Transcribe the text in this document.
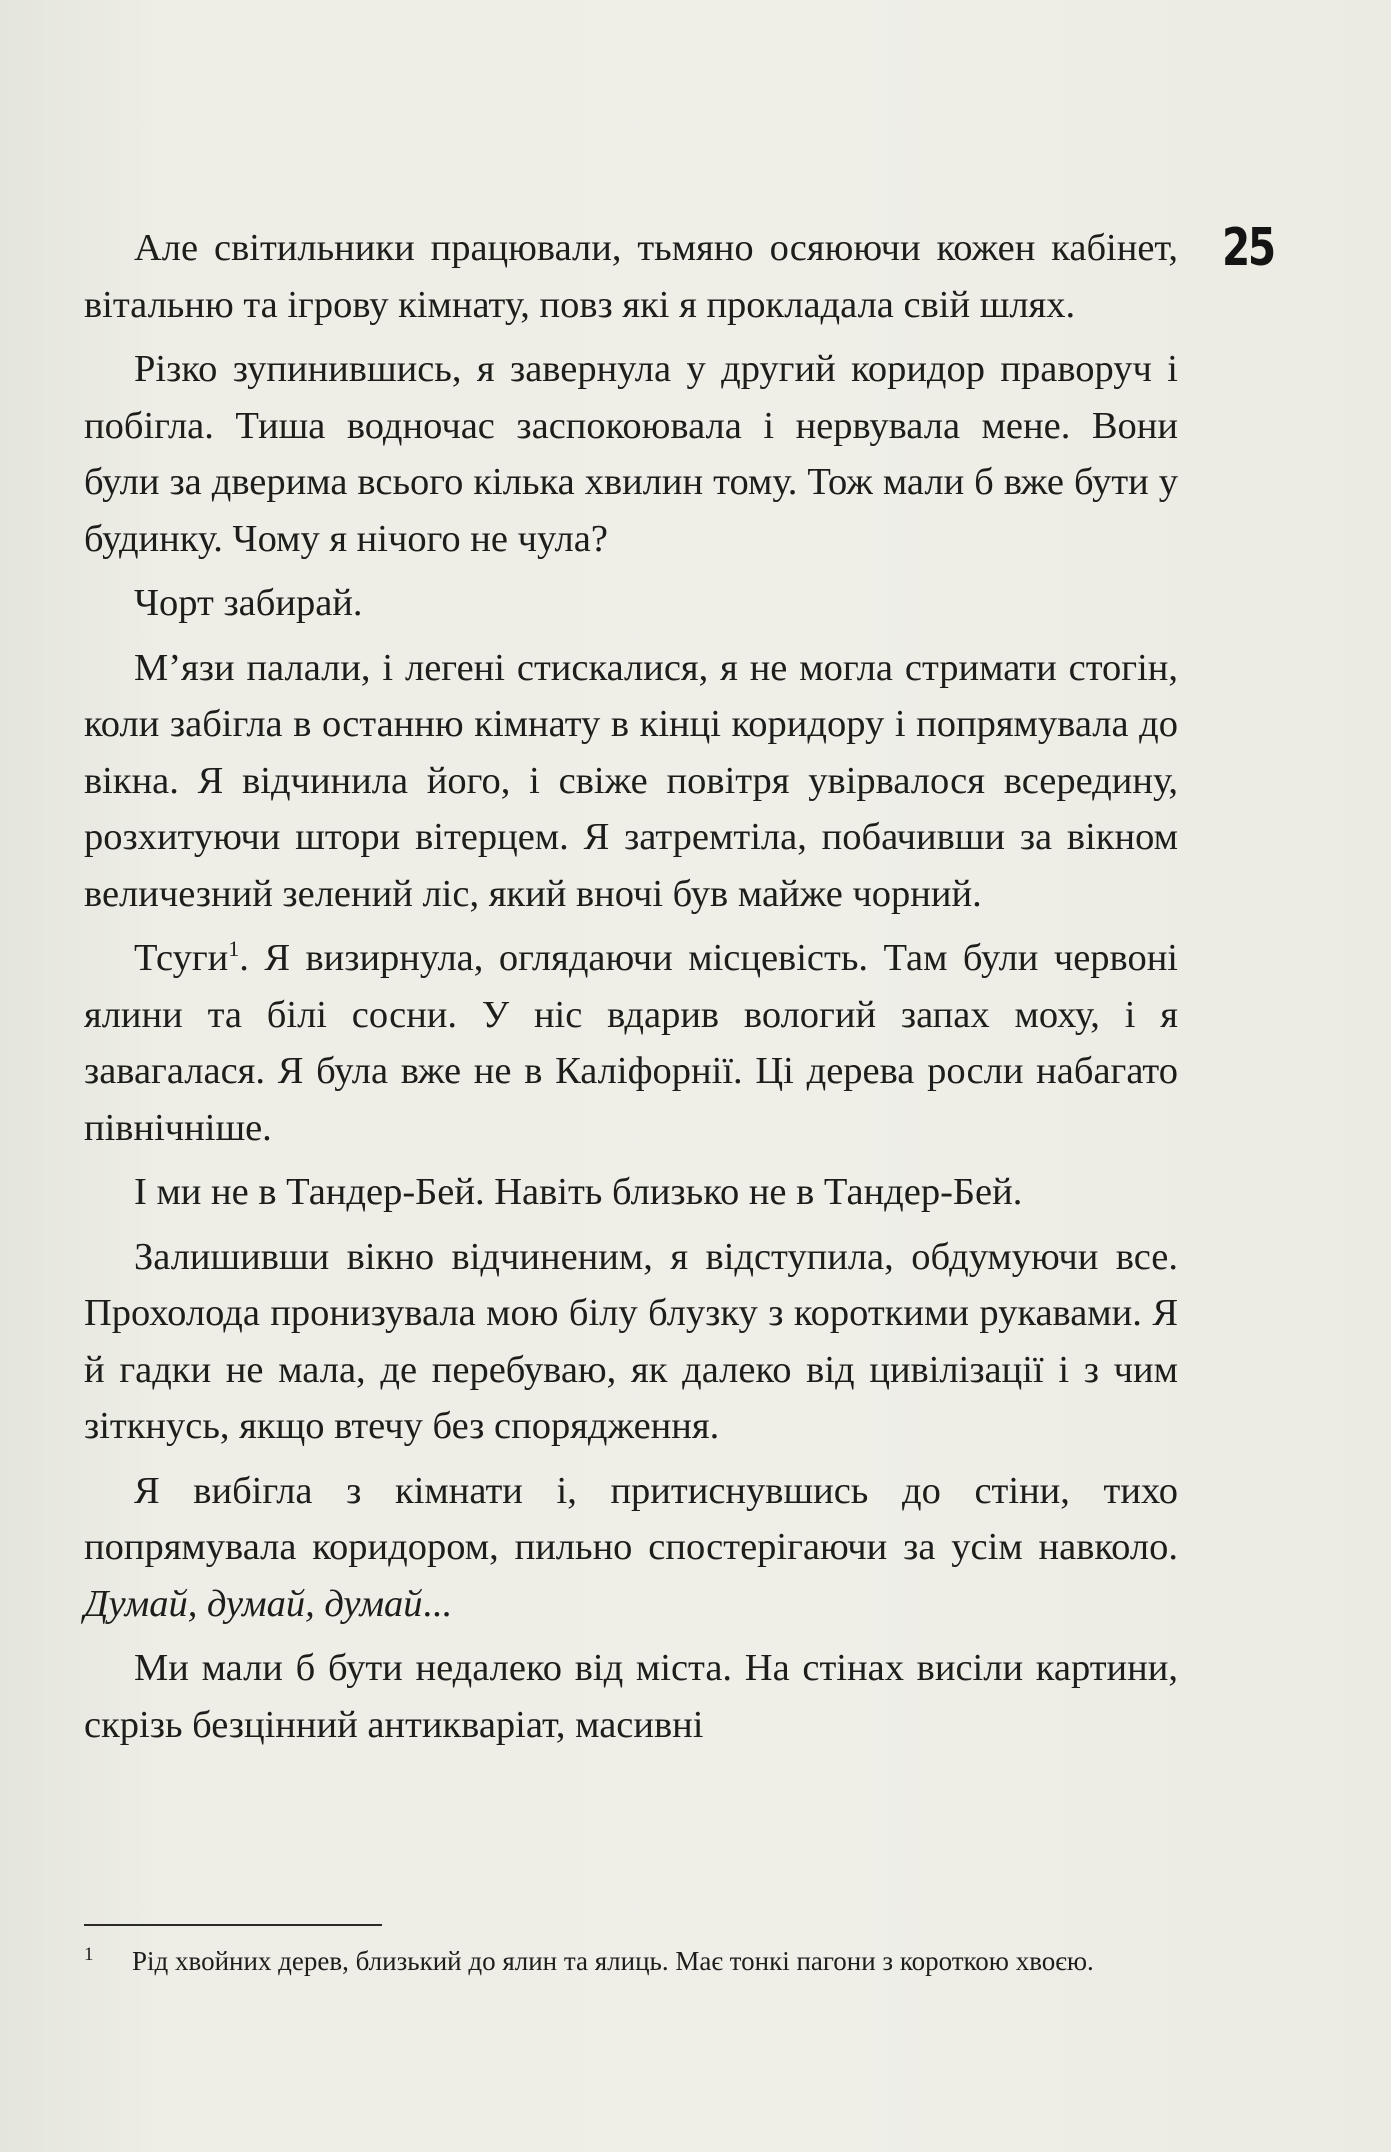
25

Але світильники працювали, тьмяно осяюючи кожен кабінет, вітальню та ігрову кімнату, повз які я прокладала свій шлях.

Різко зупинившись, я завернула у другий коридор праворуч і побігла. Тиша водночас заспокоювала і нервувала мене. Вони були за дверима всього кілька хвилин тому. Тож мали б вже бути у будинку. Чому я нічого не чула?

Чорт забирай.

М’язи палали, і легені стискалися, я не могла стримати стогін, коли забігла в останню кімнату в кінці коридору і попрямувала до вікна. Я відчинила його, і свіже повітря увірвалося всередину, розхитуючи штори вітерцем. Я затремтіла, побачивши за вікном величезний зелений ліс, який вночі був майже чорний.

Тсуги$^1$. Я визирнула, оглядаючи місцевість. Там були червоні ялини та білі сосни. У ніс вдарив вологий запах моху, і я завагалася. Я була вже не в Каліфорнії. Ці дерева росли набагато північніше.

І ми не в Тандер-Бей. Навіть близько не в Тандер-Бей.

Залишивши вікно відчиненим, я відступила, обдумуючи все. Прохолода пронизувала мою білу блузку з короткими рукавами. Я й гадки не мала, де перебуваю, як далеко від цивілізації і з чим зіткнусь, якщо втечу без спорядження.

Я вибігла з кімнати і, притиснувшись до стіни, тихо попрямувала коридором, пильно спостерігаючи за усім навколо. Думай, думай, думай...

Ми мали б бути недалеко від міста. На стінах висіли картини, скрізь безцінний антикваріат, масивні

1 Рід хвойних дерев, близький до ялин та ялиць. Має тонкі пагони з короткою хвоєю.
